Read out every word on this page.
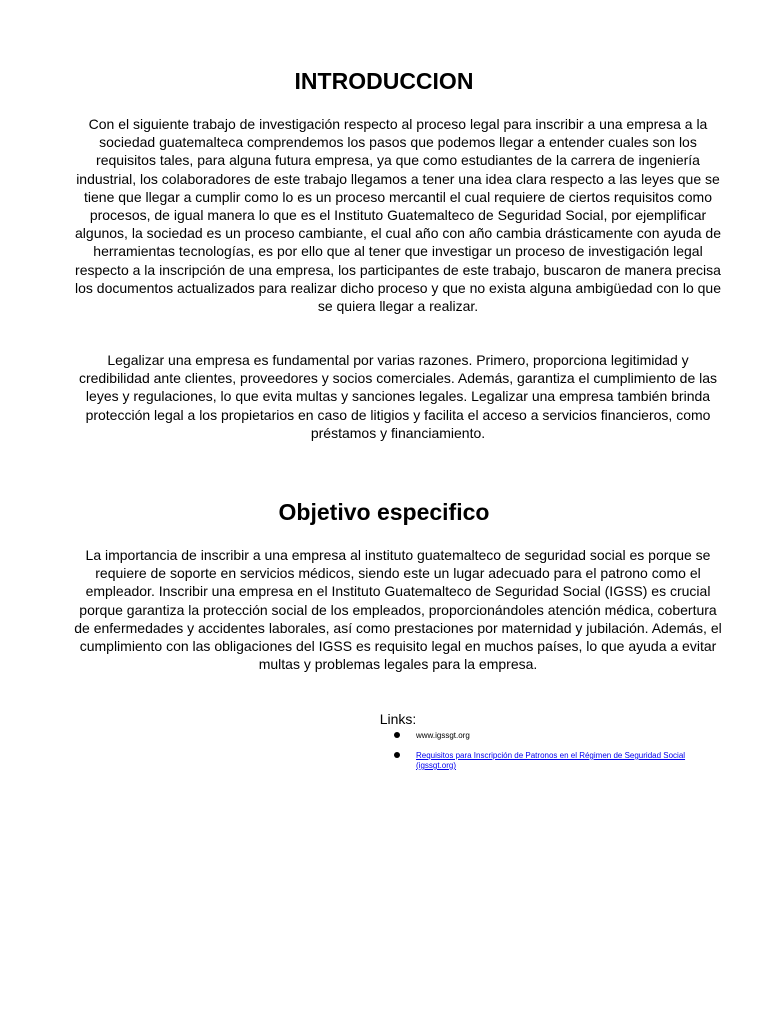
INTRODUCCION

Con el siguiente trabajo de investigación respecto al proceso legal para inscribir a una empresa a la sociedad guatemalteca comprendemos los pasos que podemos llegar a entender cuales son los requisitos tales, para alguna futura empresa, ya que como estudiantes de la carrera de ingeniería industrial, los colaboradores de este trabajo llegamos a tener una idea clara respecto a las leyes que se tiene que llegar a cumplir como lo es un proceso mercantil el cual requiere de ciertos requisitos como procesos, de igual manera lo que es el Instituto Guatemalteco de Seguridad Social, por ejemplificar algunos, la sociedad es un proceso cambiante, el cual año con año cambia drásticamente con ayuda de herramientas tecnologías, es por ello que al tener que investigar un proceso de investigación legal respecto a la inscripción de una empresa, los participantes de este trabajo, buscaron de manera precisa los documentos actualizados para realizar dicho proceso y que no exista alguna ambigüedad con lo que se quiera llegar a realizar.

Legalizar una empresa es fundamental por varias razones. Primero, proporciona legitimidad y credibilidad ante clientes, proveedores y socios comerciales. Además, garantiza el cumplimiento de las leyes y regulaciones, lo que evita multas y sanciones legales. Legalizar una empresa también brinda protección legal a los propietarios en caso de litigios y facilita el acceso a servicios financieros, como préstamos y financiamiento.

Objetivo especifico

La importancia de inscribir a una empresa al instituto guatemalteco de seguridad social es porque se requiere de soporte en servicios médicos, siendo este un lugar adecuado para el patrono como el empleador. Inscribir una empresa en el Instituto Guatemalteco de Seguridad Social (IGSS) es crucial porque garantiza la protección social de los empleados, proporcionándoles atención médica, cobertura de enfermedades y accidentes laborales, así como prestaciones por maternidad y jubilación. Además, el cumplimiento con las obligaciones del IGSS es requisito legal en muchos países, lo que ayuda a evitar multas y problemas legales para la empresa.

Links:
www.igssgt.org
Requisitos para Inscripción de Patronos en el Régimen de Seguridad Social (igssgt.org)
